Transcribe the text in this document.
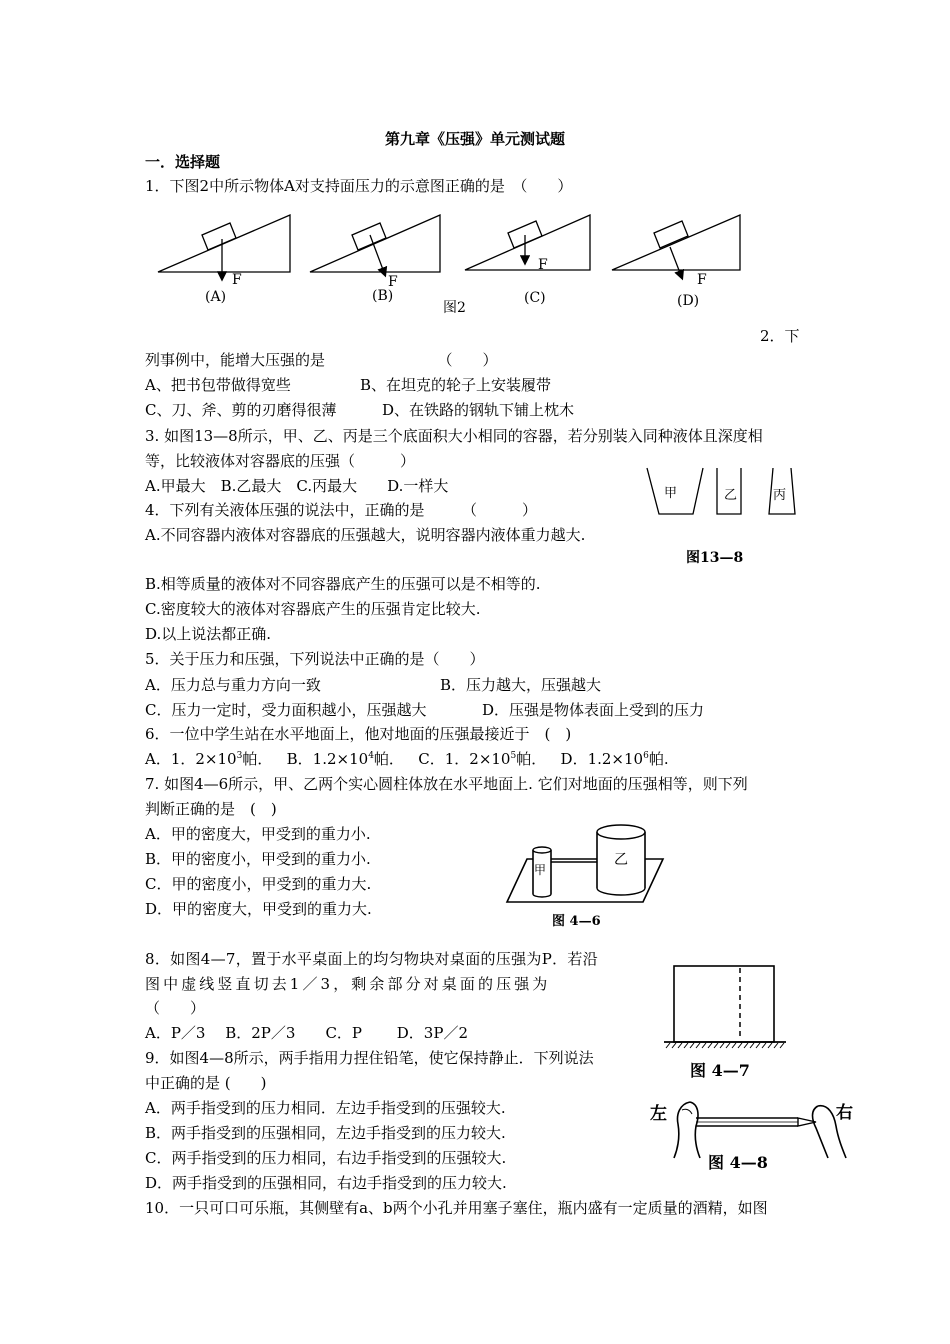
第九章《压强》单元测试题
一．选择题
1．下图2中所示物体A对支持面压力的示意图正确的是　（　　）
F	F
F
F
(A)	(B)	(C)	(D)
图2
2．下
列事例中，能增大压强的是　　　　　　　　（　　）
A、把书包带做得宽些	B、在坦克的轮子上安装履带
C、刀、斧、剪的刃磨得很薄	D、在铁路的钢轨下铺上枕木
3. 如图13—8所示，甲、乙、丙是三个底面积大小相同的容器，若分别装入同种液体且深度相
等，比较液体对容器底的压强（　　　）
A.甲最大　B.乙最大　C.丙最大　　D.一样大	甲	乙	丙
4．下列有关液体压强的说法中，正确的是　　　（　　　）
A.不同容器内液体对容器底的压强越大，说明容器内液体重力越大.
图13—8
B.相等质量的液体对不同容器底产生的压强可以是不相等的.
C.密度较大的液体对容器底产生的压强肯定比较大.
D.以上说法都正确.
5．关于压力和压强，下列说法中正确的是（　　）
A．压力总与重力方向一致	B．压力越大，压强越大
C．压力一定时，受力面积越小，压强越大	D．压强是物体表面上受到的压力
6．一位中学生站在水平地面上，他对地面的压强最接近于　(　)
A．1．$2\times 10^3$帕． B．$1.2\times 10^4$帕． C．1．$2\times 10^5$帕． D．$1.2\times 10^6$帕.
7. 如图4—6所示，甲、乙两个实心圆柱体放在水平地面上. 它们对地面的压强相等，则下列
判断正确的是　(　)
A．甲的密度大，甲受到的重力小.
B．甲的密度小，甲受到的重力小.
C．甲的密度小，甲受到的重力大.
D．甲的密度大，甲受到的重力大.
甲
乙
图 4—6
8．如图4—7，置于水平桌面上的均匀物块对桌面的压强为P．若沿
图中虚线竖直切去1／3，剩余部分对桌面的压强为
（　　）
A．P／3　 B．2P／3　　C．P　　 D．3P／2
图 4—7
9．如图4—8所示，两手指用力捏住铅笔，使它保持静止．下列说法
中正确的是 (　　)
A．两手指受到的压力相同．左边手指受到的压强较大.
B．两手指受到的压强相同，左边手指受到的压力较大.
C．两手指受到的压力相同，右边手指受到的压强较大.
D．两手指受到的压强相同，右边手指受到的压力较大.
左	右
图 4—8
10．一只可口可乐瓶，其侧壁有a、b两个小孔并用塞子塞住，瓶内盛有一定质量的酒精，如图
